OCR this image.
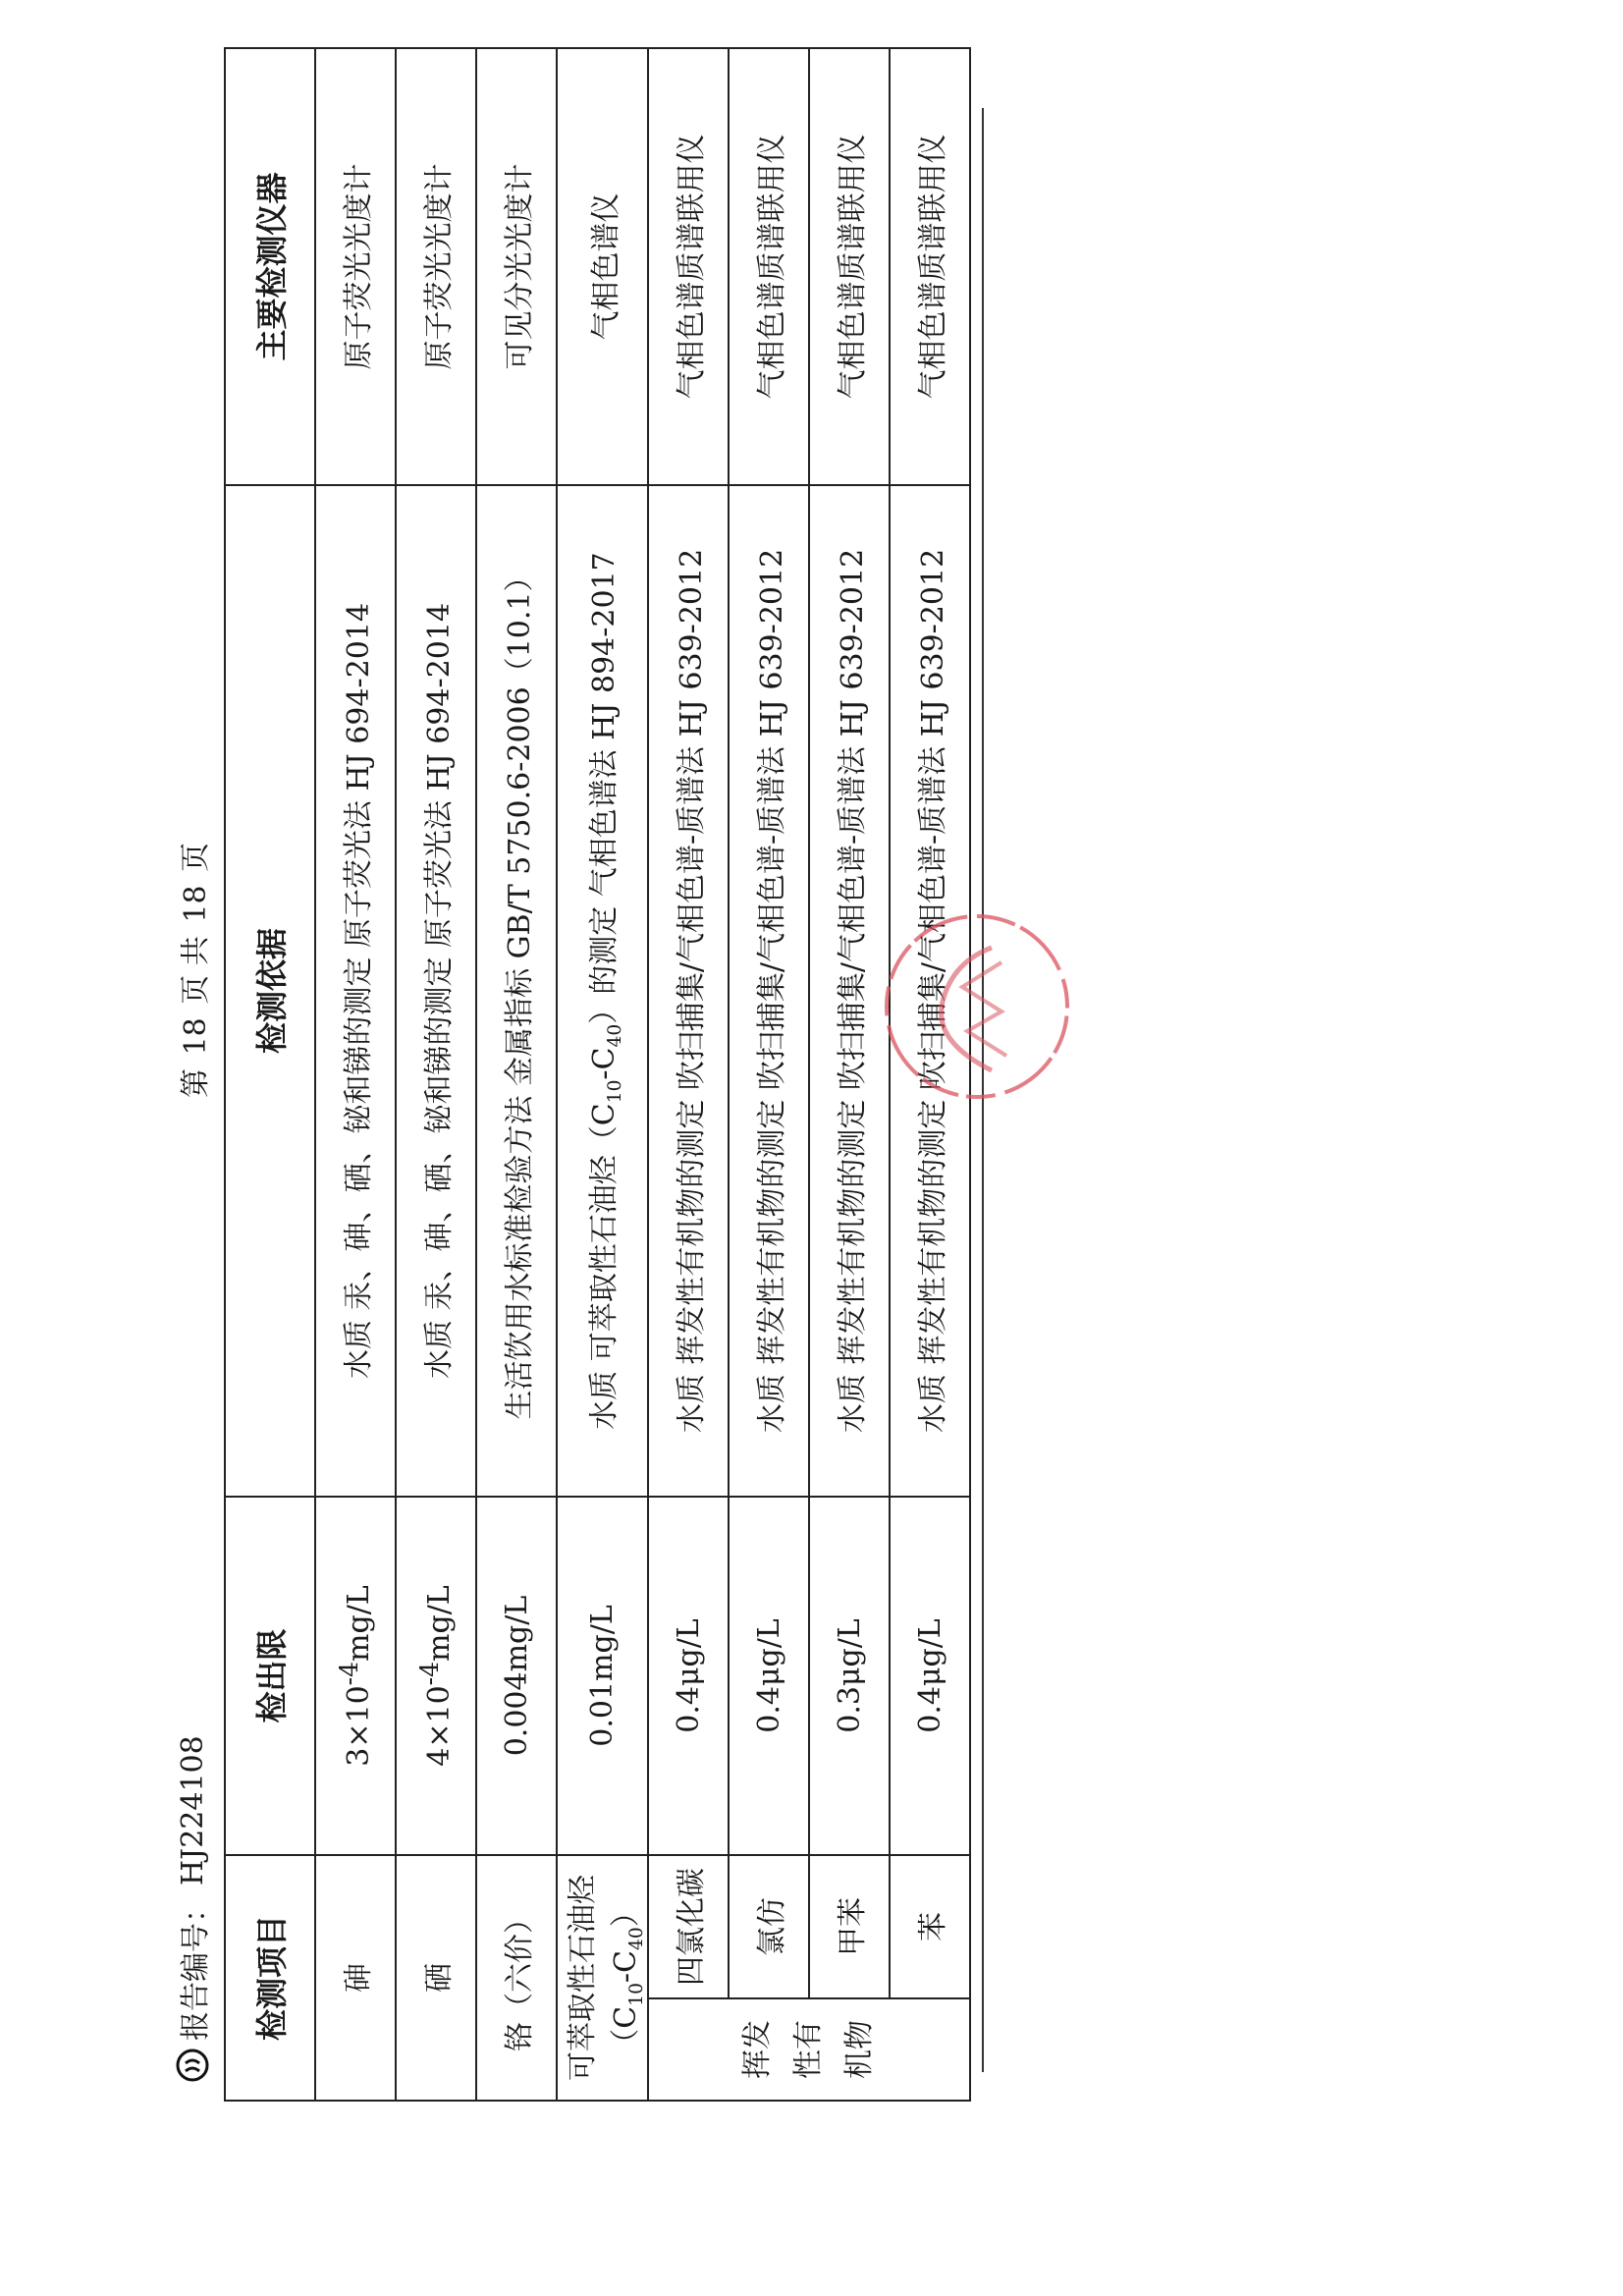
报告编号：
HJ224108
第 18 页 共 18 页
检测项目		检出限	检测依据	主要检测仪器
砷		$3\times 10^{-4}mg/L$	水质 汞、砷、硒、铋和锑的测定 原子荧光法 HJ 694-2014	原子荧光光度计
硒		$4\times 10^{-4}mg/L$	水质 汞、砷、硒、铋和锑的测定 原子荧光法 HJ 694-2014	原子荧光光度计
铬（六价）		0.004mg/L	生活饮用水标准检验方法 金属指标 GB/T 5750.6-2006（10.1）	可见分光光度计
可萃取性石油烃$(C_{10}-C_{40})$		0.01mg/L	水质 可萃取性石油烃$(C_{10}-C_{40})$的测定 气相色谱法 HJ 894-2017	气相色谱仪

挥发 性有 机物	四氯化碳	0.4μg/L	水质 挥发性有机物的测定 吹扫捕集/气相色谱-质谱法 HJ 639-2012	气相色谱质谱联用仪
	氯仿	0.4μg/L	水质 挥发性有机物的测定 吹扫捕集/气相色谱-质谱法 HJ 639-2012	气相色谱质谱联用仪
	甲苯	0.3μg/L	水质 挥发性有机物的测定 吹扫捕集/气相色谱-质谱法 HJ 639-2012	气相色谱质谱联用仪
	苯	0.4μg/L	水质 挥发性有机物的测定 吹扫捕集/气相色谱-质谱法 HJ 639-2012	气相色谱质谱联用仪
